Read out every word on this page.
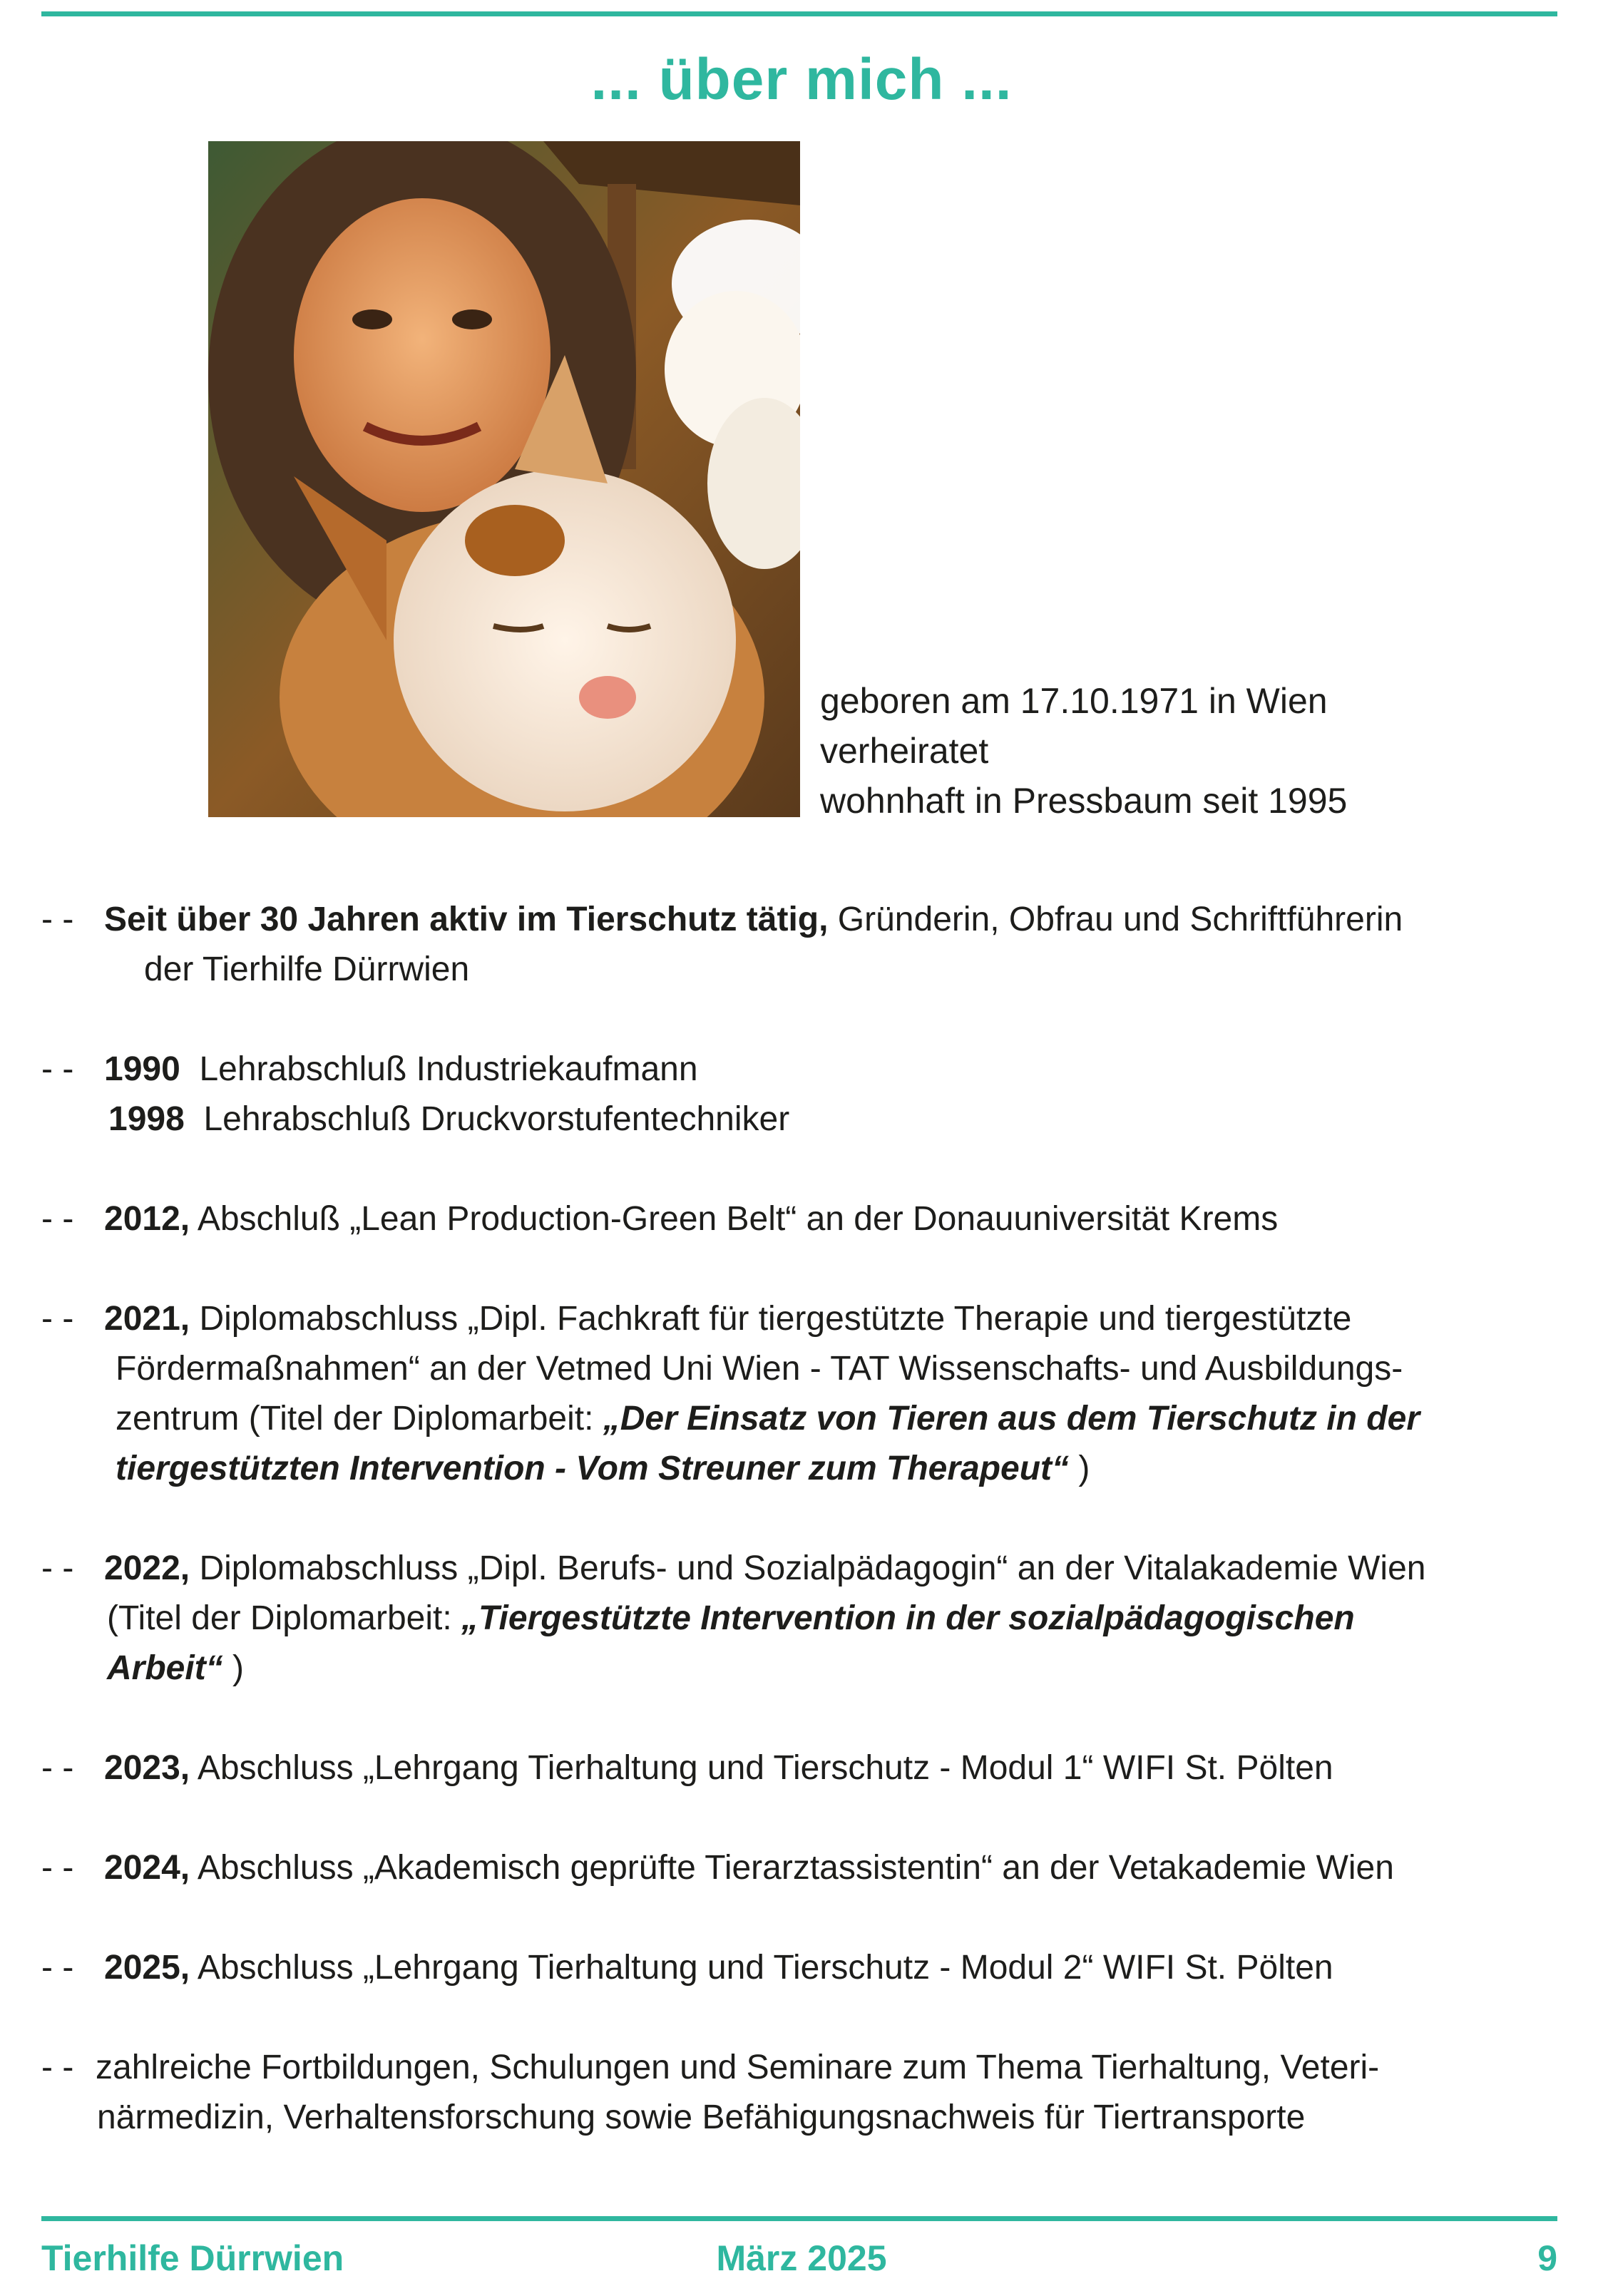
... über mich ...
geboren am 17.10.1971 in Wien
verheiratet
wohnhaft in Pressbaum seit 1995
- - Seit über 30 Jahren aktiv im Tierschutz tätig, Gründerin, Obfrau und Schriftführerin
der Tierhilfe Dürrwien
- - 1990 Lehrabschluß Industriekaufmann
1998 Lehrabschluß Druckvorstufentechniker
- - 2012, Abschluß „Lean Production-Green Belt“ an der Donauuniversität Krems
- - 2021, Diplomabschluss „Dipl. Fachkraft für tiergestützte Therapie und tiergestützte
Fördermaßnahmen“ an der Vetmed Uni Wien - TAT Wissenschafts- und Ausbildungs-
zentrum (Titel der Diplomarbeit: „Der Einsatz von Tieren aus dem Tierschutz in der
tiergestützten Intervention - Vom Streuner zum Therapeut“ )
- - 2022, Diplomabschluss „Dipl. Berufs- und Sozialpädagogin“ an der Vitalakademie Wien
(Titel der Diplomarbeit: „Tiergestützte Intervention in der sozialpädagogischen
Arbeit“ )
- - 2023, Abschluss „Lehrgang Tierhaltung und Tierschutz - Modul 1“ WIFI St. Pölten
- - 2024, Abschluss „Akademisch geprüfte Tierarztassistentin“ an der Vetakademie Wien
- - 2025, Abschluss „Lehrgang Tierhaltung und Tierschutz - Modul 2“ WIFI St. Pölten
- - zahlreiche Fortbildungen, Schulungen und Seminare zum Thema Tierhaltung, Veteri-
närmedizin, Verhaltensforschung sowie Befähigungsnachweis für Tiertransporte
Tierhilfe Dürrwien	März 2025	9
